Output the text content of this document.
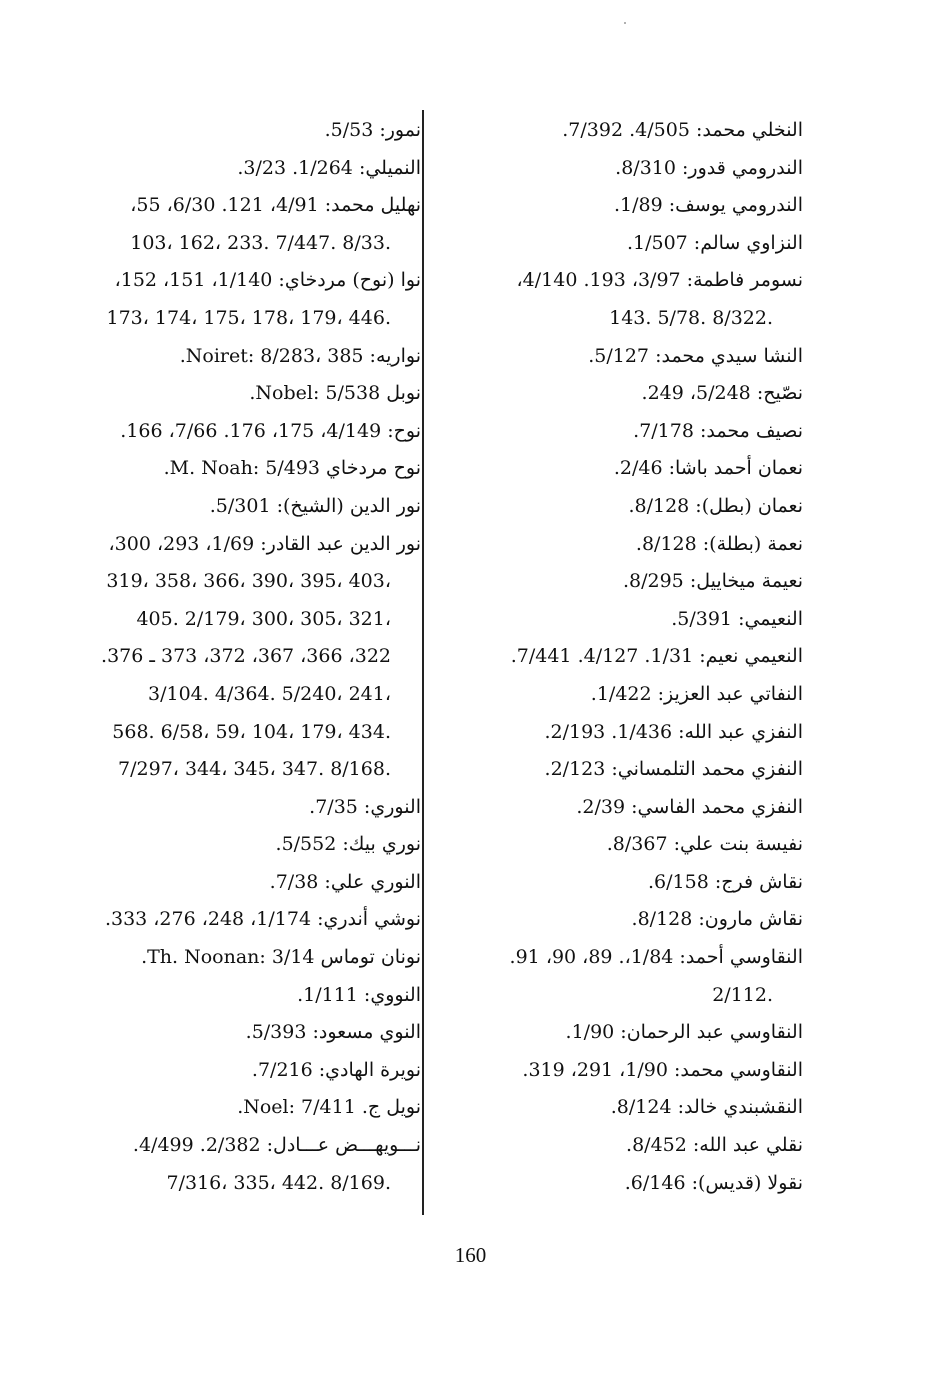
النخلي محمد: 4/505. 7/392.
الندرومي قدور: 8/310.
الندرومي يوسف: 1/89.
النزاوي سالم: 1/507.
نسومر فاطمة: 3/97، 193. 4/140،
143. 5/78. 8/322.
النشا سيدي محمد: 5/127.
نصّيح: 5/248، 249.
نصيف محمد: 7/178.
نعمان أحمد باشا: 2/46.
نعمان (بطل): 8/128.
نعمة (بطلة): 8/128.
نعيمة ميخاييل: 8/295.
النعيمي: 5/391.
النعيمي نعيم: 1/31. 4/127. 7/441.
النفاتي عبد العزيز: 1/422.
النفزي عبد الله: 1/436. 2/193.
النفزي محمد التلمساني: 2/123.
النفزي محمد الفاسي: 2/39.
نفيسة بنت علي: 8/367.
نقاش فرج: 6/158.
نقاش مارون: 8/128.
النقاوسي أحمد: 1/84،. 89، 90، 91.
2/112.
النقاوسي عبد الرحمان: 1/90.
النقاوسي محمد: 1/90، 291، 319.
النقشبندي خالد: 8/124.
نقلي عبد الله: 8/452.
نقولا (قديس): 6/146.
نمور: 5/53.
النميلي: 1/264. 3/23.
نهليل محمد: 4/91، 121. 6/30، 55،
103، 162، 233. 7/447. 8/33.
نوا (نوح) مردخاي: 1/140، 151، 152،
173، 174، 175، 178، 179، 446.
نواريه: Noiret: 8/283، 385.
نوبل Nobel: 5/538.
نوح: 4/149، 175، 176. 7/66، 166.
نوح مردخاي M. Noah: 5/493.
نور الدين (الشيخ): 5/301.
نور الدين عبد القادر: 1/69، 293، 300،
319، 358، 366، 390، 395، 403،
405. 2/179، 300، 305، 321،
322، 366، 367، 372، 373 ـ 376.
3/104. 4/364. 5/240، 241،
568. 6/58، 59، 104، 179، 434.
7/297، 344، 345، 347. 8/168.
النوري: 7/35.
نوري بيك: 5/552.
النوري علي: 7/38.
نوشي أندري: 1/174، 248، 276، 333.
نونان توماس Th. Noonan: 3/14.
النووي: 1/111.
النوي مسعود: 5/393.
نويرة الهادي: 7/216.
نويل ج. Noel: 7/411.
نـــويهـــض عـــادل: 2/382. 4/499.
7/316، 335، 442. 8/169.
160
